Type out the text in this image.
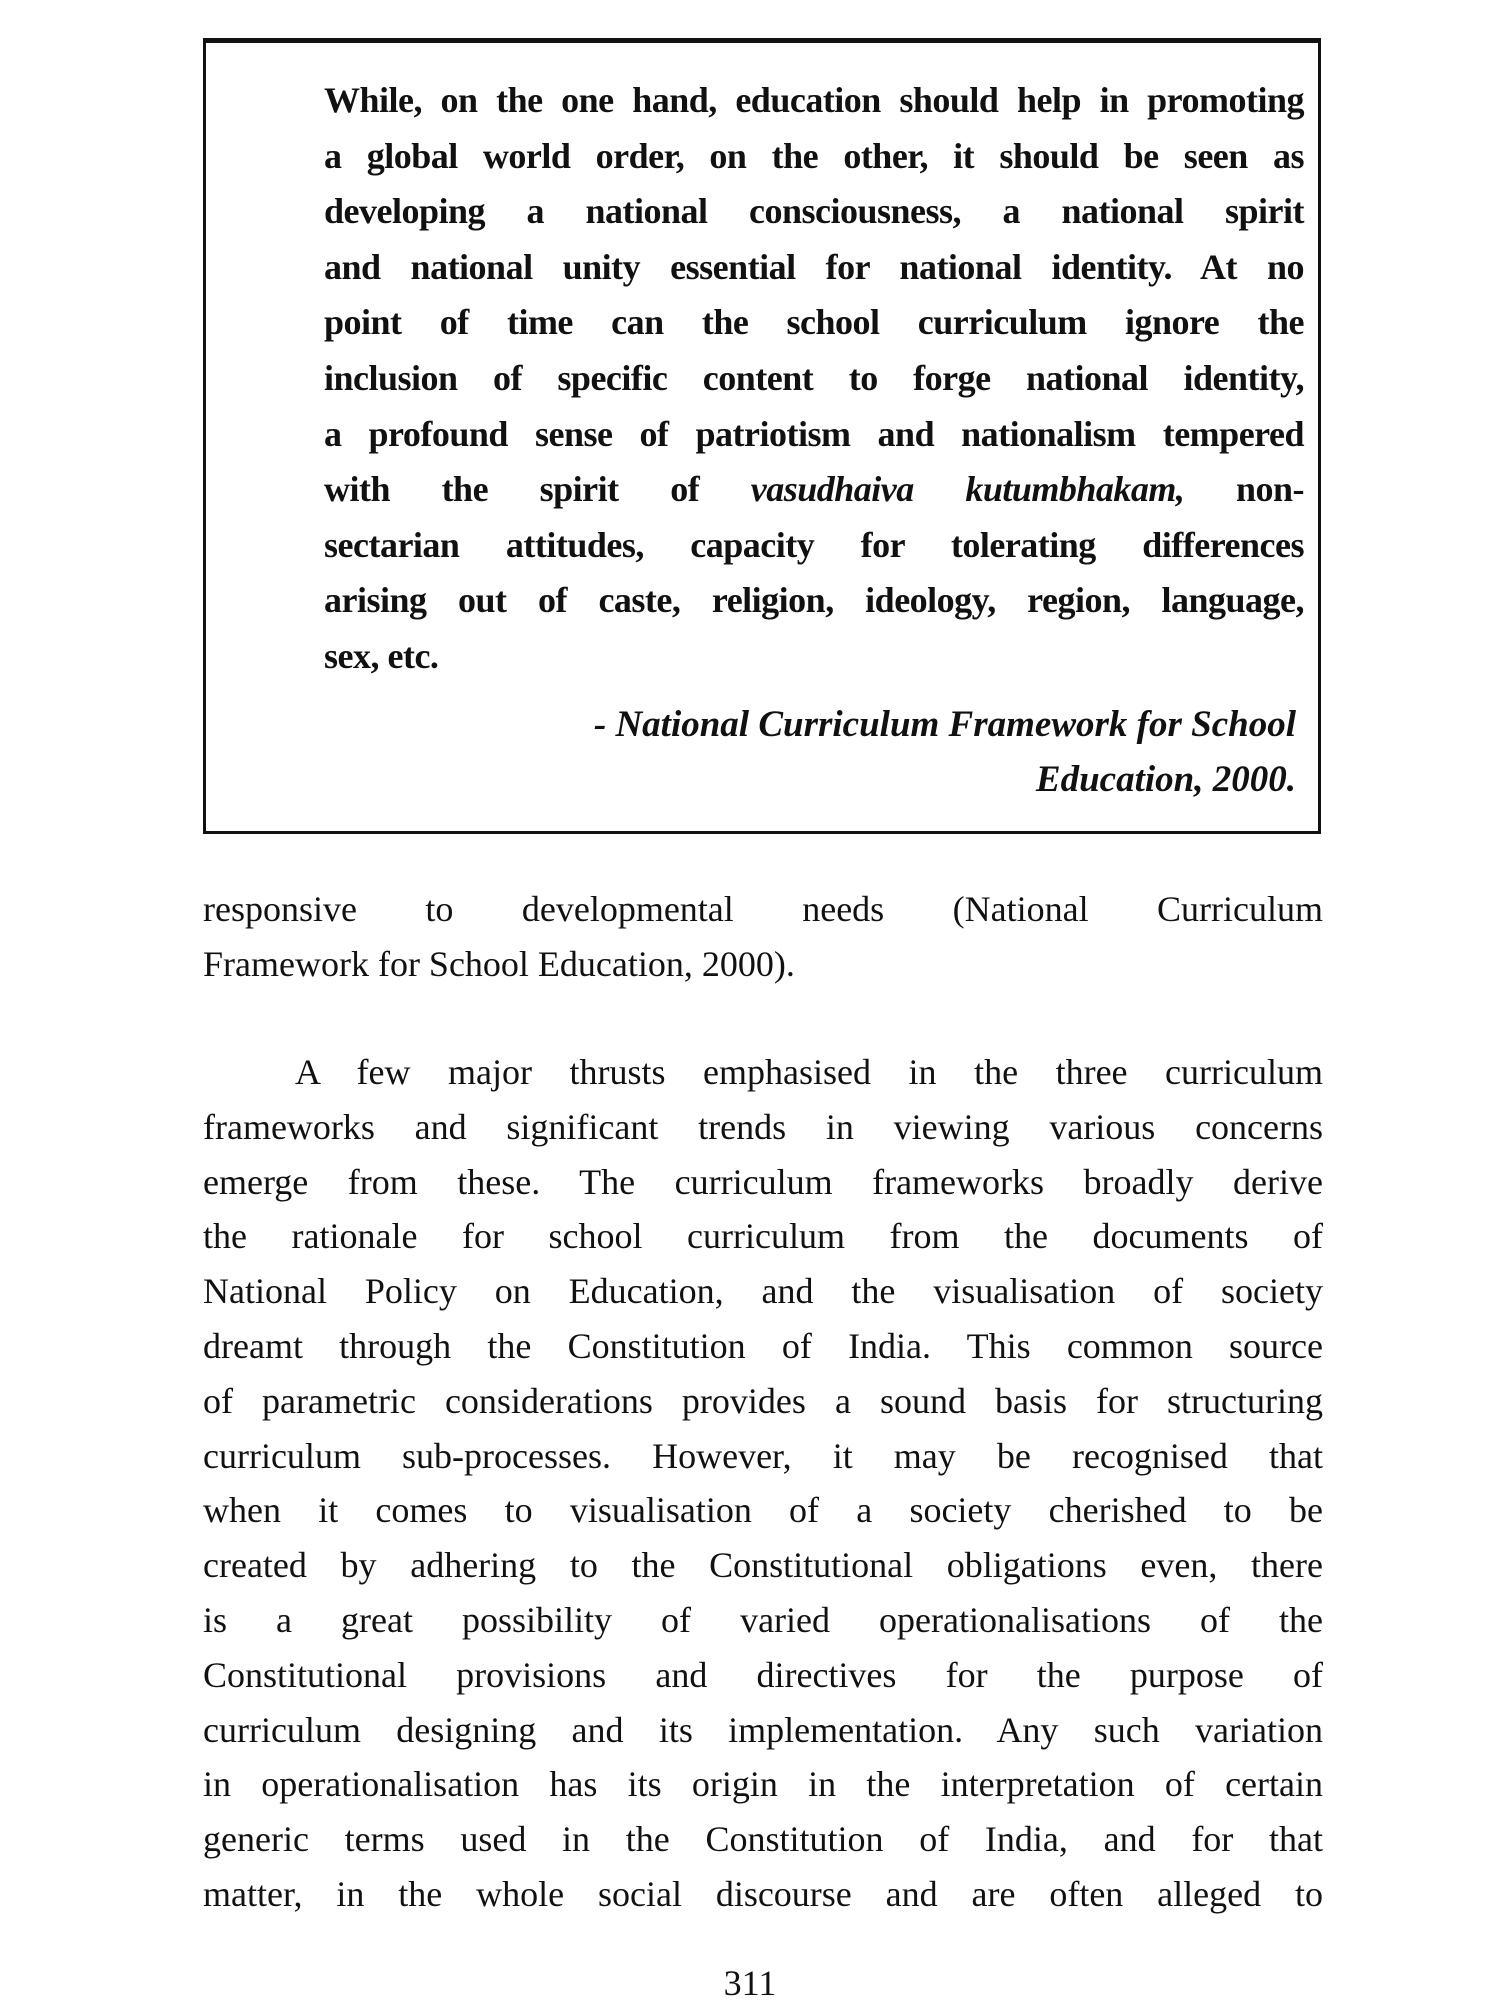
While, on the one hand, education should help in promoting
a global world order, on the other, it should be seen as
developing a national consciousness, a national spirit
and national unity essential for national identity. At no
point of time can the school curriculum ignore the
inclusion of specific content to forge national identity,
a profound sense of patriotism and nationalism tempered
with the spirit of vasudhaiva kutumbhakam, non-
sectarian attitudes, capacity for tolerating differences
arising out of caste, religion, ideology, region, language,
sex, etc.
- National Curriculum Framework for School
Education, 2000.
responsive to developmental needs (National Curriculum
Framework for School Education, 2000).
A few major thrusts emphasised in the three curriculum
frameworks and significant trends in viewing various concerns
emerge from these. The curriculum frameworks broadly derive
the rationale for school curriculum from the documents of
National Policy on Education, and the visualisation of society
dreamt through the Constitution of India. This common source
of parametric considerations provides a sound basis for structuring
curriculum sub-processes. However, it may be recognised that
when it comes to visualisation of a society cherished to be
created by adhering to the Constitutional obligations even, there
is a great possibility of varied operationalisations of the
Constitutional provisions and directives for the purpose of
curriculum designing and its implementation. Any such variation
in operationalisation has its origin in the interpretation of certain
generic terms used in the Constitution of India, and for that
matter, in the whole social discourse and are often alleged to
311
